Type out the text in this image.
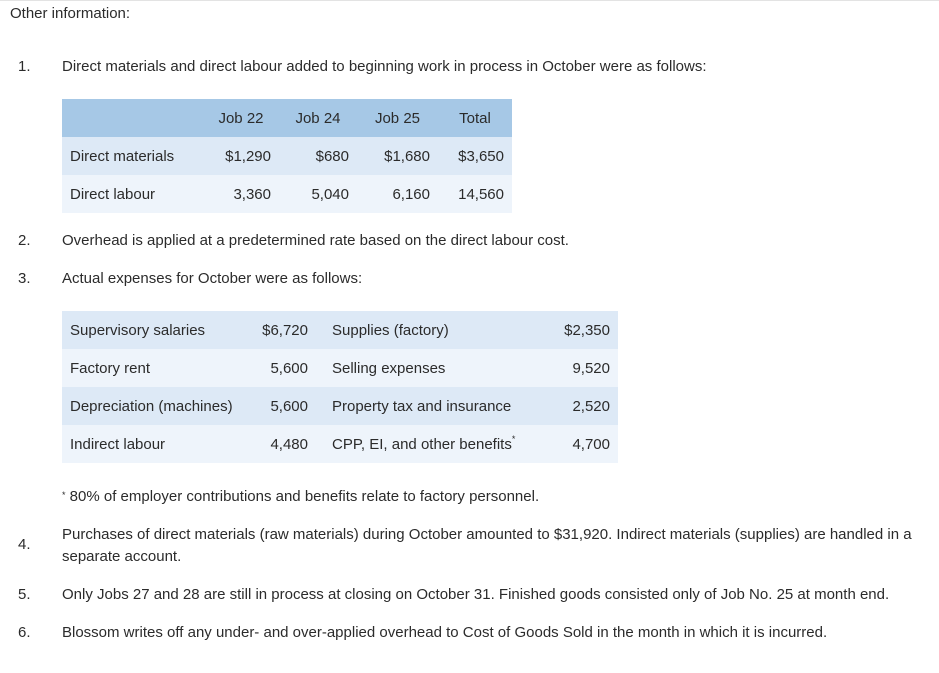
Other information:
1. Direct materials and direct labour added to beginning work in process in October were as follows:
	Job 22	Job 24	Job 25	Total
Direct materials	$1,290	$680	$1,680	$3,650
Direct labour	3,360	5,040	6,160	14,560
2. Overhead is applied at a predetermined rate based on the direct labour cost.
3. Actual expenses for October were as follows:
Supervisory salaries	$6,720	Supplies (factory)	$2,350
Factory rent	5,600	Selling expenses	9,520
Depreciation (machines)	5,600	Property tax and insurance	2,520
Indirect labour	4,480	CPP, EI, and other benefits*	4,700
* 80% of employer contributions and benefits relate to factory personnel.
4.
Purchases of direct materials (raw materials) during October amounted to $31,920. Indirect materials (supplies) are handled in a separate account.
5. Only Jobs 27 and 28 are still in process at closing on October 31. Finished goods consisted only of Job No. 25 at month end.
6. Blossom writes off any under- and over-applied overhead to Cost of Goods Sold in the month in which it is incurred.
